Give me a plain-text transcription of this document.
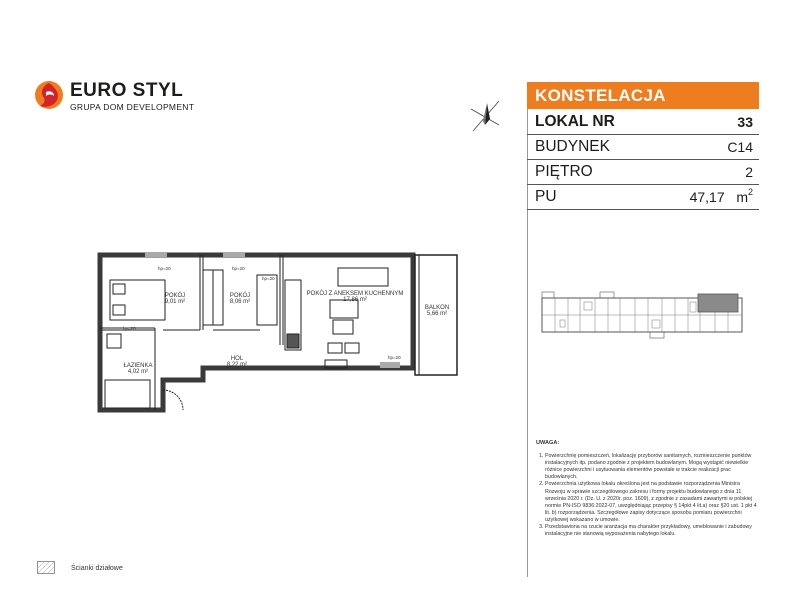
EURO STYL
GRUPA DOM DEVELOPMENT
KONSTELACJA
LOKAL NR	33
BUDYNEK	C14
PIĘTRO	2
PU	47,17 $m^2$
POKÓJ
9,01 m²
POKÓJ
8,06 m²
POKÓJ Z ANEKSEM KUCHENNYM
17,86 m²
BALKON
5,66 m²
HOL
8,22 m²
ŁAZIENKA
4,02 m²
hp=20	hp=20
hp=20
hp=20
hp=20
UWAGA:
1. Powierzchnię pomieszczeń, lokalizację przyborów sanitarnych, rozmieszczenie punktów instalacyjnych itp. podano zgodnie z projektem budowlanym. Mogą wystąpić niewielkie różnice powierzchni i usytuowania elementów powstałe w trakcie realizacji prac budowlanych.
2. Powierzchnia użytkowa lokalu określona jest na podstawie rozporządzenia Ministra Rozwoju w sprawie szczegółowego zakresu i formy projektu budowlanego z dnia 11 września 2020 r. (Dz. U. z 2020r. poz. 1609), z zgodnie z zasadami zawartymi w polskiej normie PN-ISO 9836:2022-07, uwzględniając przepisy § 14pkt 4 lit.a) oraz §20 ust. 1 pkt 4 lit. b) rozporządzenia. Szczegółowe zapisy dotyczące sposobu pomiaru powierzchni użytkowej wskazano w umowie.
3. Przedstawiona na rzucie aranżacja ma charakter przykładowy, umeblowanie i zabudowy instalacyjne nie stanowią wyposażenia nabytego lokalu.
Ścianki działowe
